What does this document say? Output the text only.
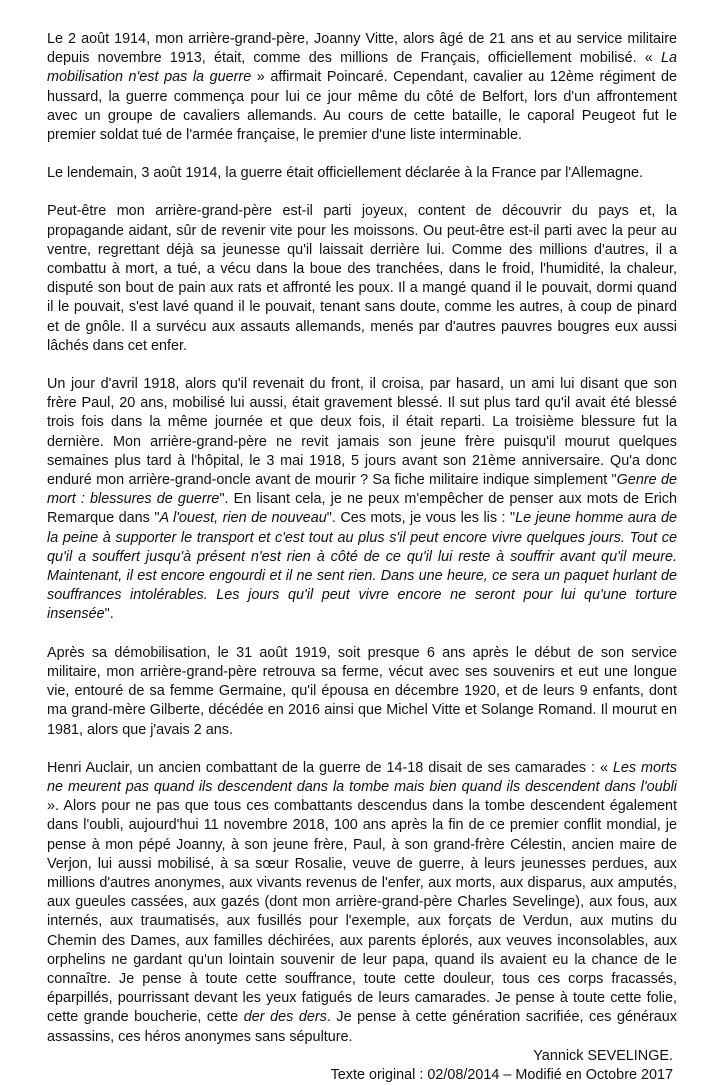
Le 2 août 1914, mon arrière-grand-père, Joanny Vitte, alors âgé de 21 ans et au service militaire depuis novembre 1913, était, comme des millions de Français, officiellement mobilisé. « La mobilisation n'est pas la guerre » affirmait Poincaré. Cependant, cavalier au 12ème régiment de hussard, la guerre commença pour lui ce jour même du côté de Belfort, lors d'un affrontement avec un groupe de cavaliers allemands. Au cours de cette bataille, le caporal Peugeot fut le premier soldat tué de l'armée française, le premier d'une liste interminable.

Le lendemain, 3 août 1914, la guerre était officiellement déclarée à la France par l'Allemagne.

Peut-être mon arrière-grand-père est-il parti joyeux, content de découvrir du pays et, la propagande aidant, sûr de revenir vite pour les moissons. Ou peut-être est-il parti avec la peur au ventre, regrettant déjà sa jeunesse qu'il laissait derrière lui. Comme des millions d'autres, il a combattu à mort, a tué, a vécu dans la boue des tranchées, dans le froid, l'humidité, la chaleur, disputé son bout de pain aux rats et affronté les poux. Il a mangé quand il le pouvait, dormi quand il le pouvait, s'est lavé quand il le pouvait, tenant sans doute, comme les autres, à coup de pinard et de gnôle. Il a survécu aux assauts allemands, menés par d'autres pauvres bougres eux aussi lâchés dans cet enfer.

Un jour d'avril 1918, alors qu'il revenait du front, il croisa, par hasard, un ami lui disant que son frère Paul, 20 ans, mobilisé lui aussi, était gravement blessé. Il sut plus tard qu'il avait été blessé trois fois dans la même journée et que deux fois, il était reparti. La troisième blessure fut la dernière. Mon arrière-grand-père ne revit jamais son jeune frère puisqu'il mourut quelques semaines plus tard à l'hôpital, le 3 mai 1918, 5 jours avant son 21ème anniversaire. Qu'a donc enduré mon arrière-grand-oncle avant de mourir ? Sa fiche militaire indique simplement "Genre de mort : blessures de guerre". En lisant cela, je ne peux m'empêcher de penser aux mots de Erich Remarque dans "A l'ouest, rien de nouveau". Ces mots, je vous les lis : "Le jeune homme aura de la peine à supporter le transport et c'est tout au plus s'il peut encore vivre quelques jours. Tout ce qu'il a souffert jusqu'à présent n'est rien à côté de ce qu'il lui reste à souffrir avant qu'il meure. Maintenant, il est encore engourdi et il ne sent rien. Dans une heure, ce sera un paquet hurlant de souffrances intolérables. Les jours qu'il peut vivre encore ne seront pour lui qu'une torture insensée".

Après sa démobilisation, le 31 août 1919, soit presque 6 ans après le début de son service militaire, mon arrière-grand-père retrouva sa ferme, vécut avec ses souvenirs et eut une longue vie, entouré de sa femme Germaine, qu'il épousa en décembre 1920, et de leurs 9 enfants, dont ma grand-mère Gilberte, décédée en 2016 ainsi que Michel Vitte et Solange Romand. Il mourut en 1981, alors que j'avais 2 ans.

Henri Auclair, un ancien combattant de la guerre de 14-18 disait de ses camarades : « Les morts ne meurent pas quand ils descendent dans la tombe mais bien quand ils descendent dans l'oubli ». Alors pour ne pas que tous ces combattants descendus dans la tombe descendent également dans l'oubli, aujourd'hui 11 novembre 2018, 100 ans après la fin de ce premier conflit mondial, je pense à mon pépé Joanny, à son jeune frère, Paul, à son grand-frère Célestin, ancien maire de Verjon, lui aussi mobilisé, à sa sœur Rosalie, veuve de guerre, à leurs jeunesses perdues, aux millions d'autres anonymes, aux vivants revenus de l'enfer, aux morts, aux disparus, aux amputés, aux gueules cassées, aux gazés (dont mon arrière-grand-père Charles Sevelinge), aux fous, aux internés, aux traumatisés, aux fusillés pour l'exemple, aux forçats de Verdun, aux mutins du Chemin des Dames, aux familles déchirées, aux parents éplorés, aux veuves inconsolables, aux orphelins ne gardant qu'un lointain souvenir de leur papa, quand ils avaient eu la chance de le connaître. Je pense à toute cette souffrance, toute cette douleur, tous ces corps fracassés, éparpillés, pourrissant devant les yeux fatigués de leurs camarades. Je pense à toute cette folie, cette grande boucherie, cette der des ders. Je pense à cette génération sacrifiée, ces généraux assassins, ces héros anonymes sans sépulture.

Yannick SEVELINGE.
Texte original : 02/08/2014 – Modifié en Octobre 2017
